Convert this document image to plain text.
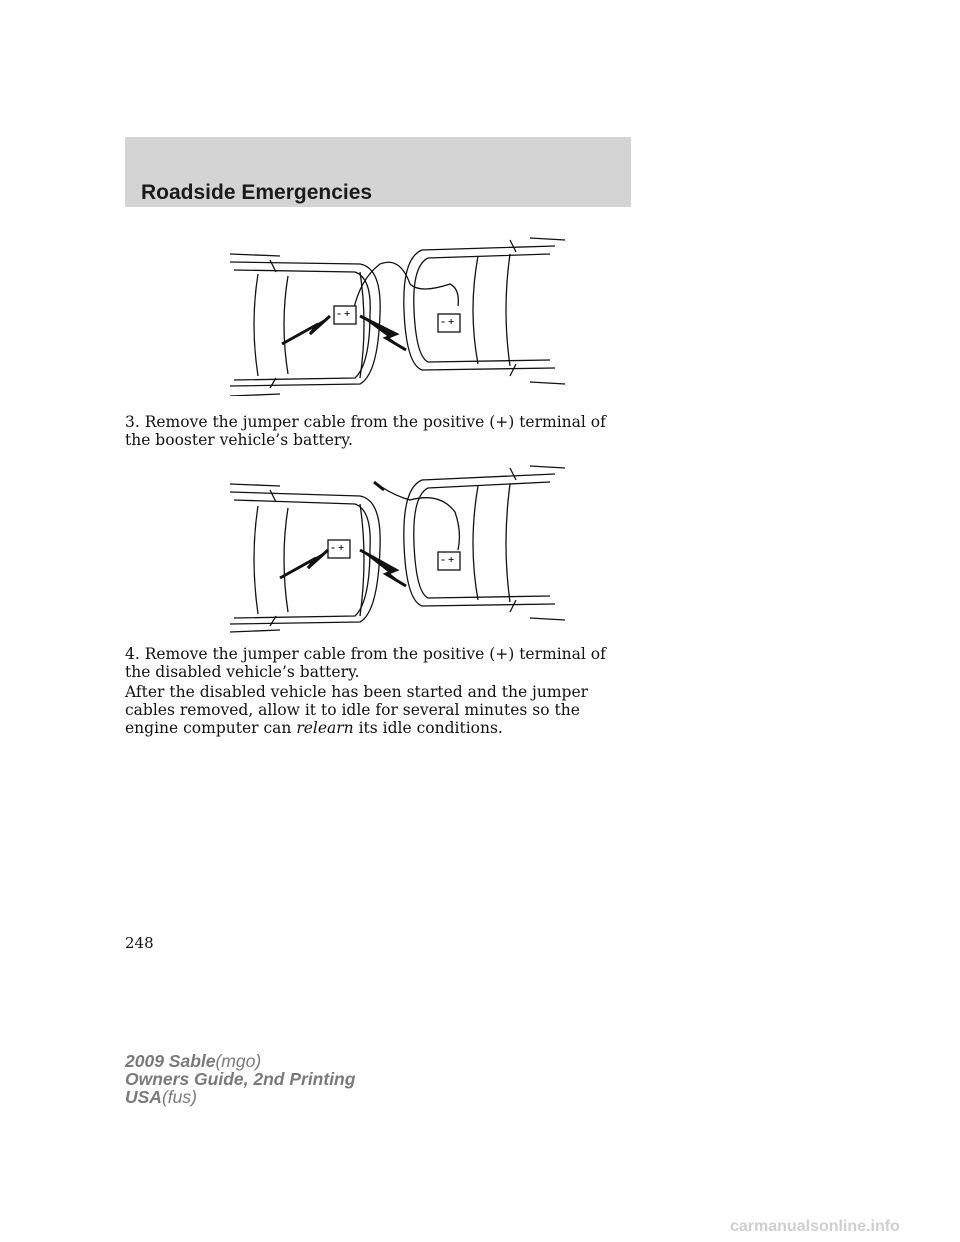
Roadside Emergencies
– +
– +

3. Remove the jumper cable from the positive (+) terminal of the booster vehicle’s battery.

– +
– +

4. Remove the jumper cable from the positive (+) terminal of the disabled vehicle’s battery.

After the disabled vehicle has been started and the jumper cables removed, allow it to idle for several minutes so the engine computer can relearn its idle conditions.

248
2009 Sable(mgo)
Owners Guide, 2nd Printing
USA(fus)
carmanualsonline.info
